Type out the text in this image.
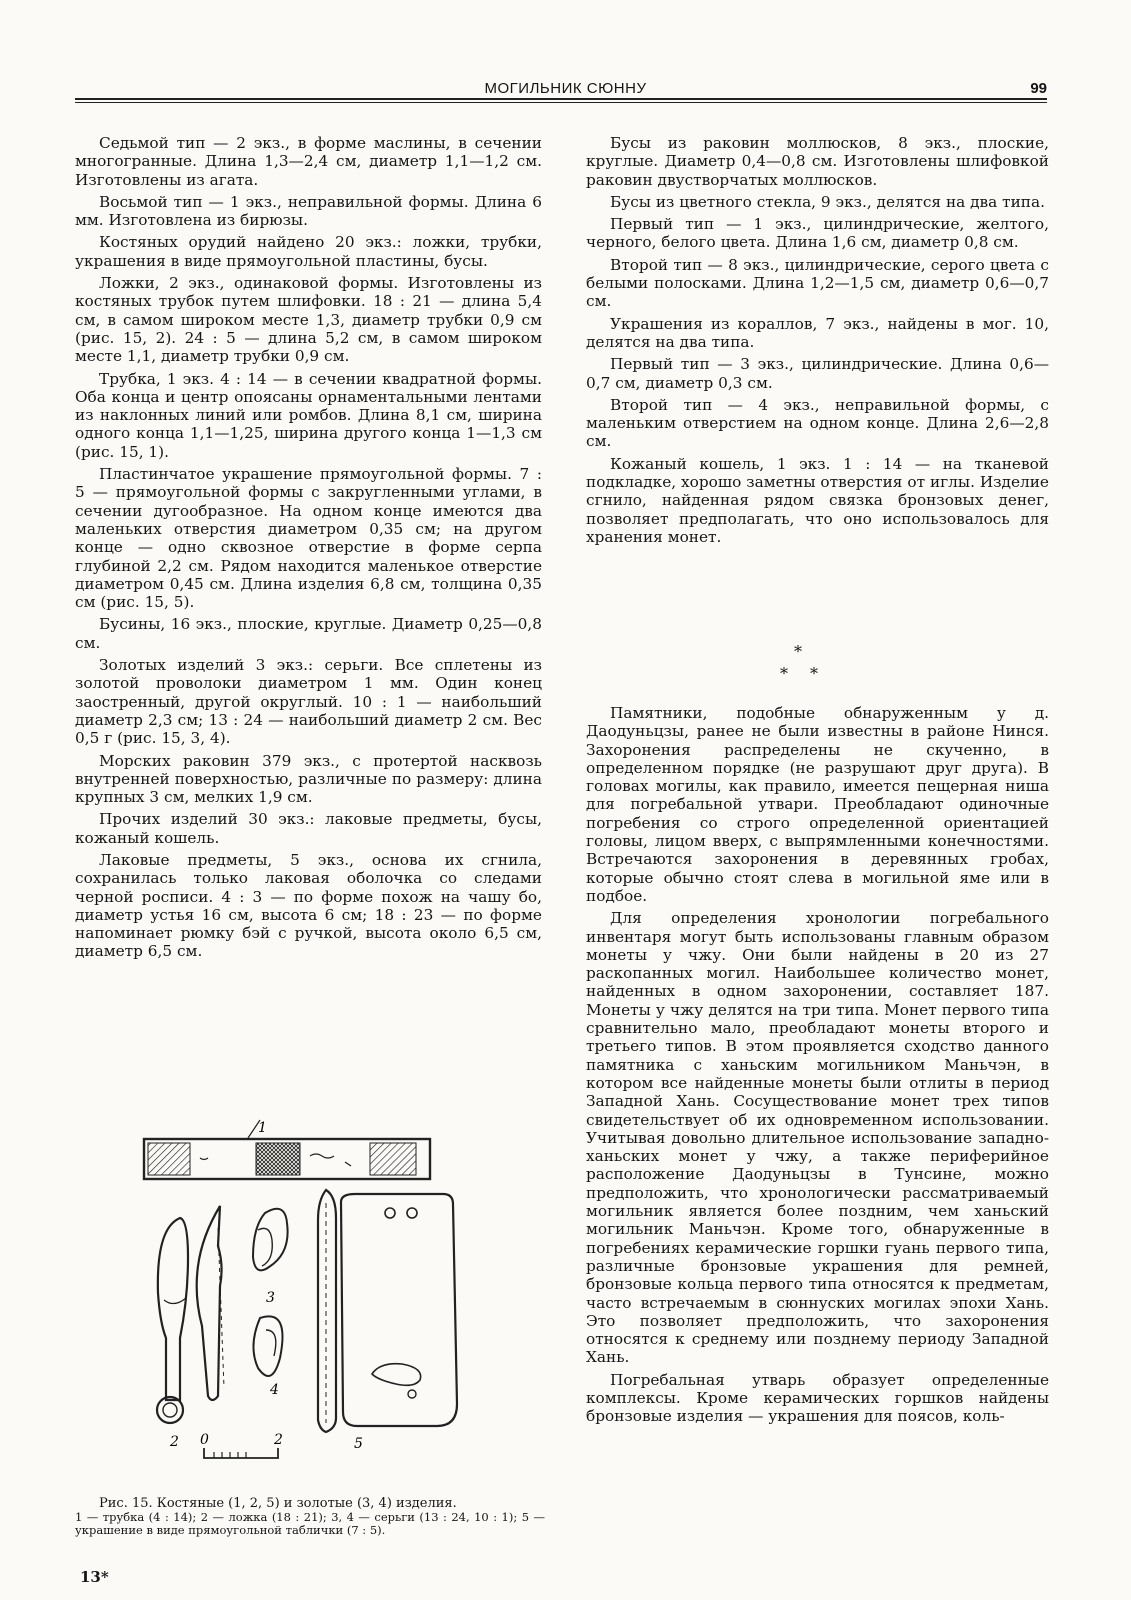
МОГИЛЬНИК СЮННУ	99

Седьмой тип — 2 экз., в форме маслины, в сечении многогранные. Длина 1,3—2,4 см, диаметр 1,1—1,2 см. Изготовлены из агата.

Восьмой тип — 1 экз., неправильной формы. Длина 6 мм. Изготовлена из бирюзы.

Костяных орудий найдено 20 экз.: ложки, трубки, украшения в виде прямоугольной пластины, бусы.

Ложки, 2 экз., одинаковой формы. Изготовлены из костяных трубок путем шлифовки. 18 : 21 — длина 5,4 см, в самом широком месте 1,3, диаметр трубки 0,9 см (рис. 15, 2). 24 : 5 — длина 5,2 см, в самом широком месте 1,1, диаметр трубки 0,9 см.

Трубка, 1 экз. 4 : 14 — в сечении квадратной формы. Оба конца и центр опоясаны орнаментальными лентами из наклонных линий или ромбов. Длина 8,1 см, ширина одного конца 1,1—1,25, ширина другого конца 1—1,3 см (рис. 15, 1).

Пластинчатое украшение прямоугольной формы. 7 : 5 — прямоугольной формы с закругленными углами, в сечении дугообразное. На одном конце имеются два маленьких отверстия диаметром 0,35 см; на другом конце — одно сквозное отверстие в форме серпа глубиной 2,2 см. Рядом находится маленькое отверстие диаметром 0,45 см. Длина изделия 6,8 см, толщина 0,35 см (рис. 15, 5).

Бусины, 16 экз., плоские, круглые. Диаметр 0,25—0,8 см.

Золотых изделий 3 экз.: серьги. Все сплетены из золотой проволоки диаметром 1 мм. Один конец заостренный, другой округлый. 10 : 1 — наибольший диаметр 2,3 см; 13 : 24 — наибольший диаметр 2 см. Вес 0,5 г (рис. 15, 3, 4).

Морских раковин 379 экз., с протертой насквозь внутренней поверхностью, различные по размеру: длина крупных 3 см, мелких 1,9 см.

Прочих изделий 30 экз.: лаковые предметы, бусы, кожаный кошель.

Лаковые предметы, 5 экз., основа их сгнила, сохранилась только лаковая оболочка со следами черной росписи. 4 : 3 — по форме похож на чашу бо, диаметр устья 16 см, высота 6 см; 18 : 23 — по форме напоминает рюмку бэй с ручкой, высота около 6,5 см, диаметр 6,5 см.

Бусы из раковин моллюсков, 8 экз., плоские, круглые. Диаметр 0,4—0,8 см. Изготовлены шлифовкой раковин двустворчатых моллюсков.

Бусы из цветного стекла, 9 экз., делятся на два типа.

Первый тип — 1 экз., цилиндрические, желтого, черного, белого цвета. Длина 1,6 см, диаметр 0,8 см.

Второй тип — 8 экз., цилиндрические, серого цвета с белыми полосками. Длина 1,2—1,5 см, диаметр 0,6—0,7 см.

Украшения из кораллов, 7 экз., найдены в мог. 10, делятся на два типа.

Первый тип — 3 экз., цилиндрические. Длина 0,6—0,7 см, диаметр 0,3 см.

Второй тип — 4 экз., неправильной формы, с маленьким отверстием на одном конце. Длина 2,6—2,8 см.

Кожаный кошель, 1 экз. 1 : 14 — на тканевой подкладке, хорошо заметны отверстия от иглы. Изделие сгнило, найденная рядом связка бронзовых денег, позволяет предполагать, что оно использовалось для хранения монет.

*
* *

Памятники, подобные обнаруженным у д. Даодуньцзы, ранее не были известны в районе Нинся. Захоронения распределены не скученно, в определенном порядке (не разрушают друг друга). В головах могилы, как правило, имеется пещерная ниша для погребальной утвари. Преобладают одиночные погребения со строго определенной ориентацией головы, лицом вверх, с выпрямленными конечностями. Встречаются захоронения в деревянных гробах, которые обычно стоят слева в могильной яме или в подбое.

Для определения хронологии погребального инвентаря могут быть использованы главным образом монеты у чжу. Они были найдены в 20 из 27 раскопанных могил. Наибольшее количество монет, найденных в одном захоронении, составляет 187. Монеты у чжу делятся на три типа. Монет первого типа сравнительно мало, преобладают монеты второго и третьего типов. В этом проявляется сходство данного памятника с ханьским могильником Маньчэн, в котором все найденные монеты были отлиты в период Западной Хань. Сосуществование монет трех типов свидетельствует об их одновременном использовании. Учитывая довольно длительное использование западно-ханьских монет у чжу, а также периферийное расположение Даодуньцзы в Тунсине, можно предположить, что хронологически рассматриваемый могильник является более поздним, чем ханьский могильник Маньчэн. Кроме того, обнаруженные в погребениях керамические горшки гуань первого типа, различные бронзовые украшения для ремней, бронзовые кольца первого типа относятся к предметам, часто встречаемым в сюннуских могилах эпохи Хань. Это позволяет предположить, что захоронения относятся к среднему или позднему периоду Западной Хань.

Погребальная утварь образует определенные комплексы. Кроме керамических горшков найдены бронзовые изделия — украшения для поясов, коль-

1
2
3
4
5
0	2

Рис. 15. Костяные (1, 2, 5) и золотые (3, 4) изделия.

1 — трубка (4 : 14); 2 — ложка (18 : 21); 3, 4 — серьги (13 : 24, 10 : 1); 5 — украшение в виде прямоугольной таблички (7 : 5).

13*
